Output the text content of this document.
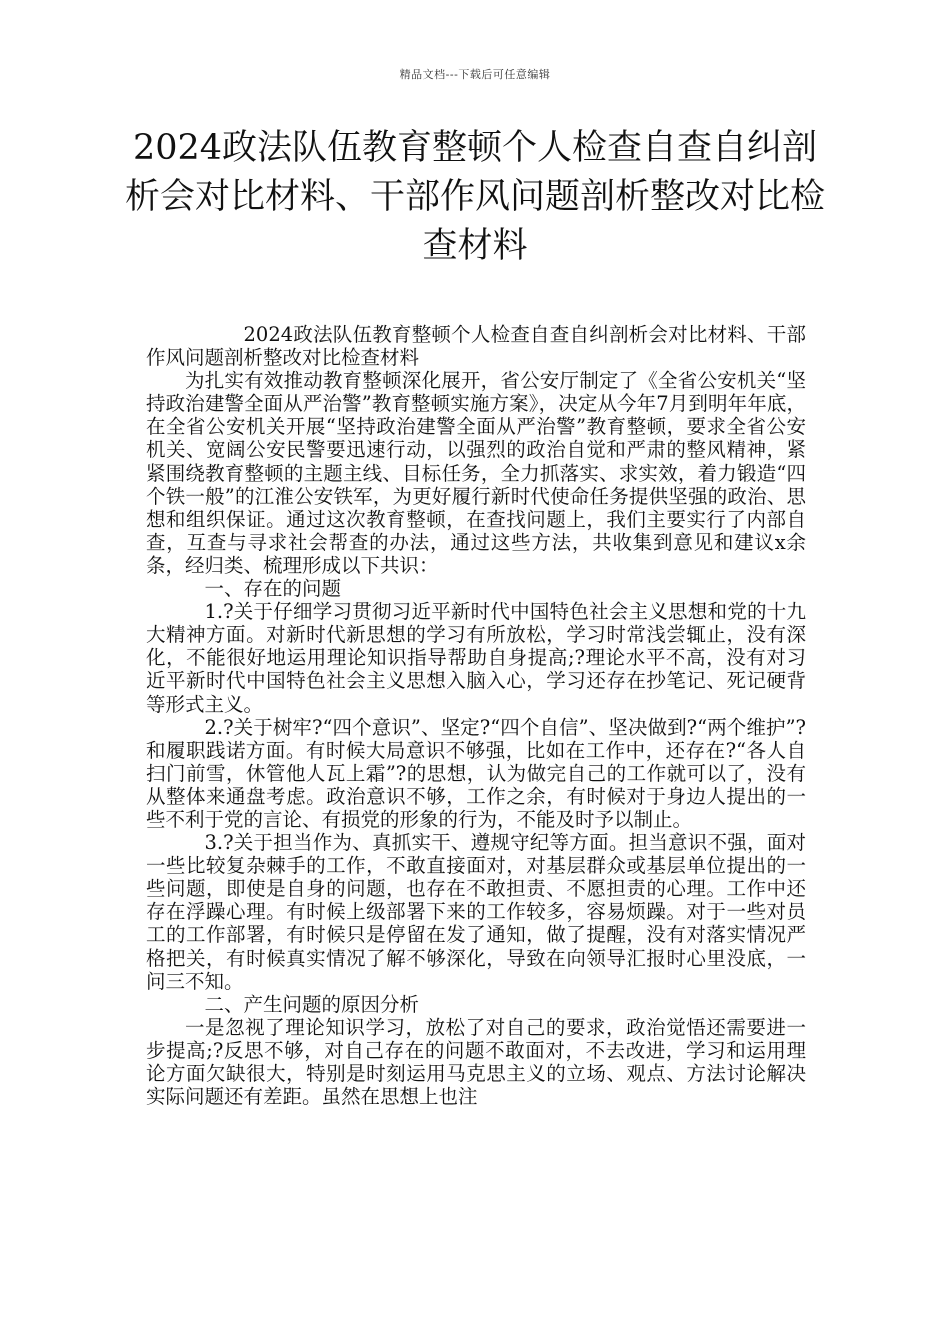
精品文档---下载后可任意编辑
2024政法队伍教育整顿个人检查自查自纠剖析会对比材料、干部作风问题剖析整改对比检查材料

2024政法队伍教育整顿个人检查自查自纠剖析会对比材料、干部作风问题剖析整改对比检查材料

为扎实有效推动教育整顿深化展开，省公安厅制定了《全省公安机关“坚持政治建警全面从严治警”教育整顿实施方案》，决定从今年7月到明年年底，在全省公安机关开展“坚持政治建警全面从严治警”教育整顿，要求全省公安机关、宽阔公安民警要迅速行动，以强烈的政治自觉和严肃的整风精神，紧紧围绕教育整顿的主题主线、目标任务，全力抓落实、求实效，着力锻造“四个铁一般”的江淮公安铁军，为更好履行新时代使命任务提供坚强的政治、思想和组织保证。通过这次教育整顿，在查找问题上，我们主要实行了内部自查，互查与寻求社会帮查的办法，通过这些方法，共收集到意见和建议x余条，经归类、梳理形成以下共识：

一、存在的问题

1.?关于仔细学习贯彻习近平新时代中国特色社会主义思想和党的十九大精神方面。对新时代新思想的学习有所放松，学习时常浅尝辄止，没有深化，不能很好地运用理论知识指导帮助自身提高;?理论水平不高，没有对习近平新时代中国特色社会主义思想入脑入心，学习还存在抄笔记、死记硬背等形式主义。

2.?关于树牢?“四个意识”、坚定?“四个自信”、坚决做到?“两个维护”?和履职践诺方面。有时候大局意识不够强，比如在工作中，还存在?“各人自扫门前雪，休管他人瓦上霜”?的思想，认为做完自己的工作就可以了，没有从整体来通盘考虑。政治意识不够，工作之余，有时候对于身边人提出的一些不利于党的言论、有损党的形象的行为，不能及时予以制止。

3.?关于担当作为、真抓实干、遵规守纪等方面。担当意识不强，面对一些比较复杂棘手的工作，不敢直接面对，对基层群众或基层单位提出的一些问题，即使是自身的问题，也存在不敢担责、不愿担责的心理。工作中还存在浮躁心理。有时候上级部署下来的工作较多，容易烦躁。对于一些对员工的工作部署，有时候只是停留在发了通知，做了提醒，没有对落实情况严格把关，有时候真实情况了解不够深化，导致在向领导汇报时心里没底，一问三不知。

二、产生问题的原因分析

一是忽视了理论知识学习，放松了对自己的要求，政治觉悟还需要进一步提高;?反思不够，对自己存在的问题不敢面对，不去改进，学习和运用理论方面欠缺很大，特别是时刻运用马克思主义的立场、观点、方法讨论解决实际问题还有差距。虽然在思想上也注
